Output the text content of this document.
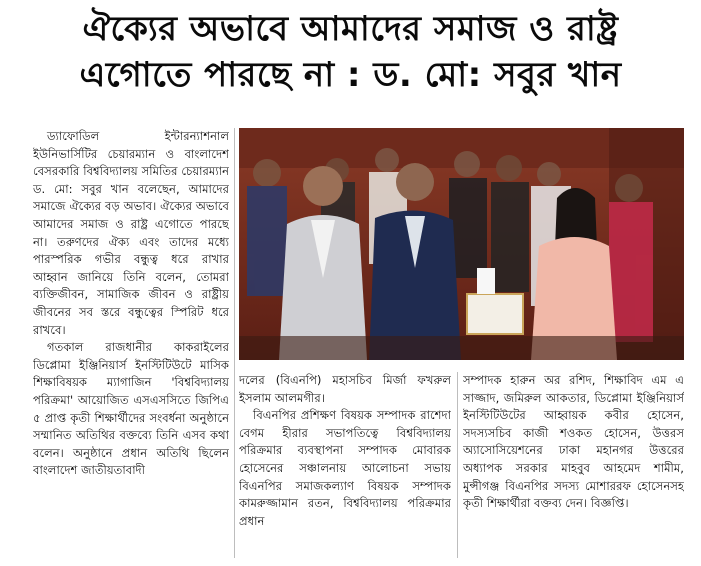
ঐক্যের অভাবে আমাদের সমাজ ও রাষ্ট্র
এগোতে পারছে না : ড. মো: সবুর খান

ড্যাফোডিল ইন্টারন্যাশনাল ইউনিভার্সিটির চেয়ারম্যান ও বাংলাদেশ বেসরকারি বিশ্ববিদ্যালয় সমিতির চেয়ারম্যান ড. মো: সবুর খান বলেছেন, আমাদের সমাজে ঐক্যের বড় অভাব। ঐক্যের অভাবে আমাদের সমাজ ও রাষ্ট্র এগোতে পারছে না। তরুণদের ঐক্য এবং তাদের মধ্যে পারস্পরিক গভীর বন্ধুত্ব ধরে রাখার আহ্বান জানিয়ে তিনি বলেন, তোমরা ব্যক্তিজীবন, সামাজিক জীবন ও রাষ্ট্রীয় জীবনের সব স্তরে বন্ধুত্বের স্পিরিট ধরে রাখবে।

গতকাল রাজধানীর কাকরাইলের ডিপ্লোমা ইঞ্জিনিয়ার্স ইনস্টিটিউটে মাসিক শিক্ষাবিষয়ক ম্যাগাজিন 'বিশ্ববিদ্যালয় পরিক্রমা' আয়োজিত এসএসসিতে জিপিএ ৫ প্রাপ্ত কৃতী শিক্ষার্থীদের সংবর্ধনা অনুষ্ঠানে সম্মানিত অতিথির বক্তব্যে তিনি এসব কথা বলেন। অনুষ্ঠানে প্রধান অতিথি ছিলেন বাংলাদেশ জাতীয়তাবাদী

দলের (বিএনপি) মহাসচিব মির্জা ফখরুল ইসলাম আলমগীর।

বিএনপির প্রশিক্ষণ বিষয়ক সম্পাদক রাশেদা বেগম হীরার সভাপতিত্বে বিশ্ববিদ্যালয় পরিক্রমার ব্যবস্থাপনা সম্পাদক মোবারক হোসেনের সঞ্চালনায় আলোচনা সভায় বিএনপির সমাজকল্যাণ বিষয়ক সম্পাদক কামরুজ্জামান রতন, বিশ্ববিদ্যালয় পরিক্রমার প্রধান

সম্পাদক হারুন অর রশিদ, শিক্ষাবিদ এম এ সাজ্জাদ, জমিরুল আকতার, ডিপ্লোমা ইঞ্জিনিয়ার্স ইনস্টিটিউটের আহ্বায়ক কবীর হোসেন, সদস্যসচিব কাজী শওকত হোসেন, উত্তরস অ্যাসোসিয়েশনের ঢাকা মহানগর উত্তরের অধ্যাপক সরকার মাহবুব আহমেদ শামীম, মুন্সীগঞ্জ বিএনপির সদস্য মোশাররফ হোসেনসহ কৃতী শিক্ষার্থীরা বক্তব্য দেন। বিজ্ঞপ্তি।
